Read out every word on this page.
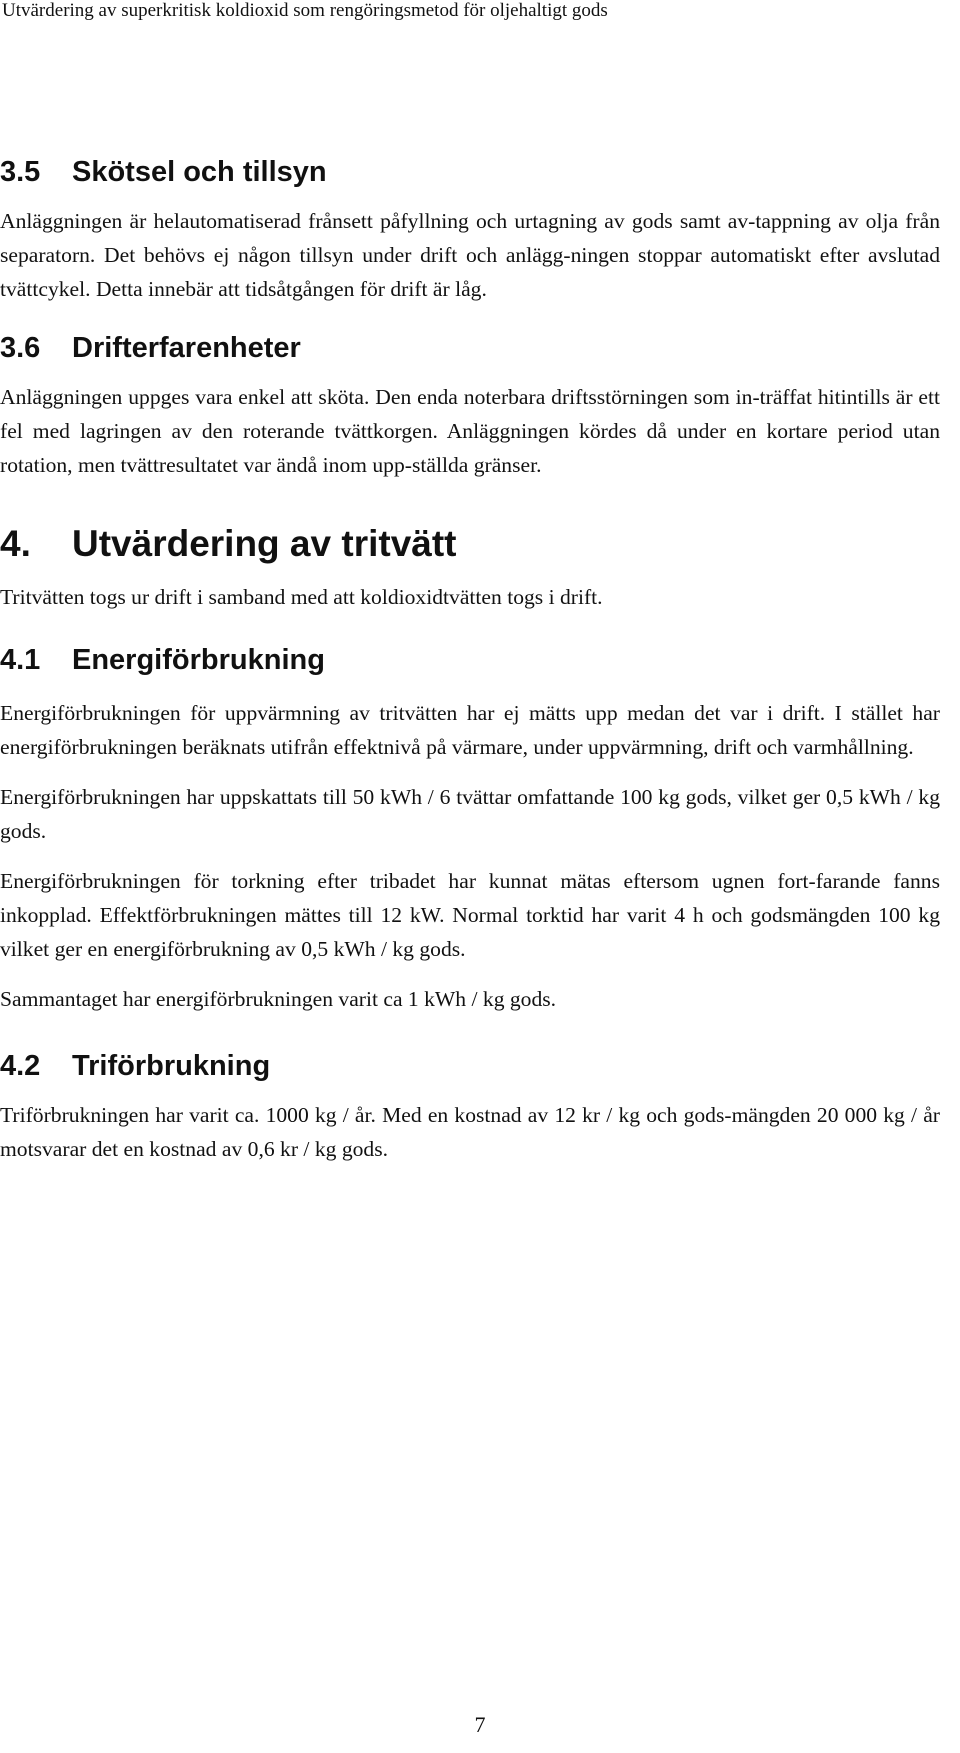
Utvärdering av superkritisk koldioxid som rengöringsmetod för oljehaltigt gods
3.5	Skötsel och tillsyn

Anläggningen är helautomatiserad frånsett påfyllning och urtagning av gods samt av-tappning av olja från separatorn. Det behövs ej någon tillsyn under drift och anlägg-ningen stoppar automatiskt efter avslutad tvättcykel. Detta innebär att tidsåtgången för drift är låg.

3.6	Drifterfarenheter

Anläggningen uppges vara enkel att sköta. Den enda noterbara driftsstörningen som in-träffat hitintills är ett fel med lagringen av den roterande tvättkorgen. Anläggningen kördes då under en kortare period utan rotation, men tvättresultatet var ändå inom upp-ställda gränser.

4.	Utvärdering av tritvätt

Tritvätten togs ur drift i samband med att koldioxidtvätten togs i drift.

4.1	Energiförbrukning

Energiförbrukningen för uppvärmning av tritvätten har ej mätts upp medan det var i drift. I stället har energiförbrukningen beräknats utifrån effektnivå på värmare, under uppvärmning, drift och varmhållning.

Energiförbrukningen har uppskattats till 50 kWh / 6 tvättar omfattande 100 kg gods, vilket ger 0,5 kWh / kg gods.

Energiförbrukningen för torkning efter tribadet har kunnat mätas eftersom ugnen fort-farande fanns inkopplad. Effektförbrukningen mättes till 12 kW. Normal torktid har varit 4 h och godsmängden 100 kg vilket ger en energiförbrukning av 0,5 kWh / kg gods.

Sammantaget har energiförbrukningen varit ca 1 kWh / kg gods.

4.2	Triförbrukning

Triförbrukningen har varit ca. 1000 kg / år. Med en kostnad av 12 kr / kg och gods-mängden 20 000 kg / år motsvarar det en kostnad av 0,6 kr / kg gods.

7
